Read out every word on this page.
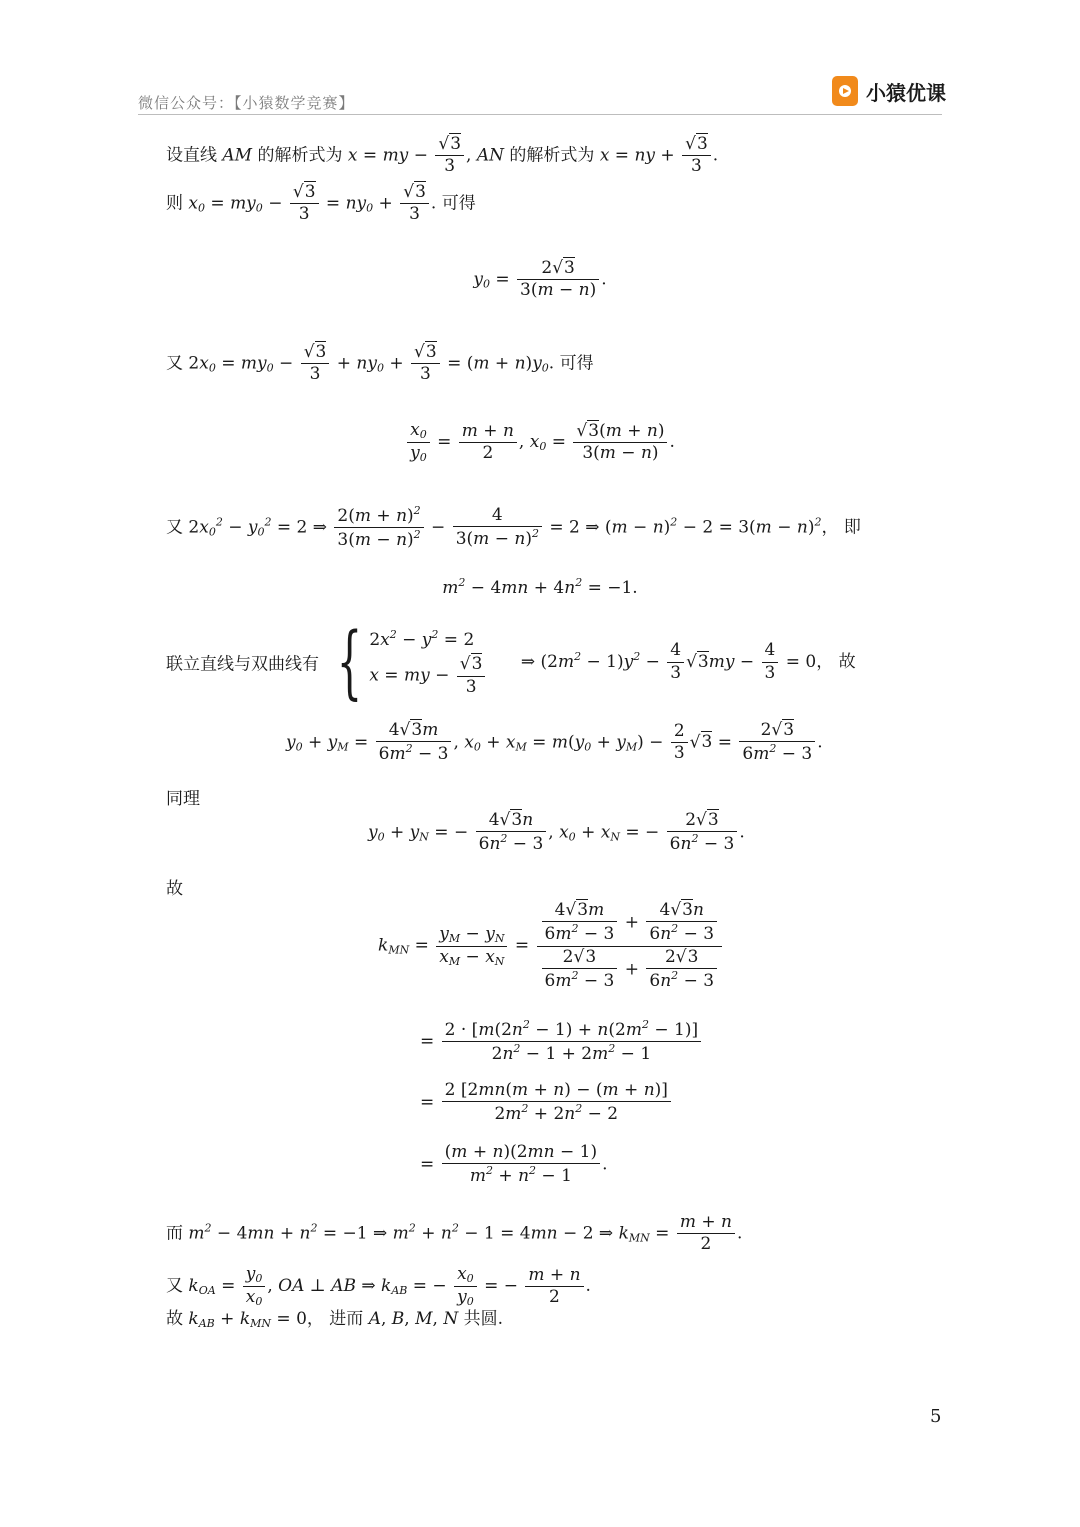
微信公众号：【小猿数学竞赛】	小猿优课
设直线 AM 的解析式为 x = my − $\frac{√3}{3}$ , AN 的解析式为 x = ny + $\frac{√3}{3}$ .
则 $x_0 = my_0 - \frac{√3}{3} = ny_0 + \frac{√3}{3}$ . 可得
$y_0 = \frac{2√3}{3(m - n)}$ .
又 $2x_0 = my_0 - \frac{√3}{3} + ny_0 + \frac{√3}{3} = (m + n)y_0$. 可得
$\frac{x_0}{y_0} = \frac{m + n}{2}$ , $x_0 = \frac{√3(m + n)}{3(m - n)}$ .
又 $2x_0^2 - y_0^2 = 2$ ⇒ $\frac{2(m + n)^2}{3(m - n)^2} - \frac{4}{3(m - n)^2} = 2$ ⇒ $(m - n)^2 - 2 = 3(m - n)^2$， 即
$m^2 - 4mn + 4n^2 = -1$.
联立直线与双曲线有 { $2x^2 - y^2 = 2$
x = my − $\frac{√3}{3}$ ⇒ $(2m^2 - 1)y^2 - \frac{4}{3} √3my - \frac{4}{3} = 0$， 故
$y_0 + y_M = \frac{4√3m}{6m^2 - 3}$ , $x_0 + x_M = m(y_0 + y_M) - \frac{2}{3} √3 = \frac{2√3}{6m^2 - 3}$ .
同理
$y_0 + y_N$ = − $\frac{4√3n}{6n^2 - 3}$ , $x_0 + x_N$ = − $\frac{2√3}{6n^2 - 3}$ .
故
$k_{MN} = \frac{y_M - y_N}{x_M - x_N} = \frac{\frac{4√3m}{6m^2 - 3} + \frac{4√3n}{6n^2 - 3}}{\frac{2√3}{6m^2 - 3} + \frac{2√3}{6n^2 - 3}}$
= $\frac{2 \cdot [m(2n^2 - 1) + n(2m^2 - 1)]}{2n^2 - 1 + 2m^2 - 1}$
= $\frac{2 [2mn(m + n) - (m + n)]}{2m^2 + 2n^2 - 2}$
= $\frac{(m + n)(2mn - 1)}{m^2 + n^2 - 1}$ .
而 $m^2 - 4mn + n^2 = -1$ ⇒ $m^2 + n^2 - 1 = 4mn - 2$ ⇒ $k_{MN} = \frac{m + n}{2}$ .
又 $k_{OA} = \frac{y_0}{x_0}$ , OA ⊥ AB ⇒ $k_{AB}$ = − $\frac{x_0}{y_0}$ = − $\frac{m + n}{2}$ .
故 $k_{AB} + k_{MN} = 0$， 进而 A, B, M, N 共圆.
5
